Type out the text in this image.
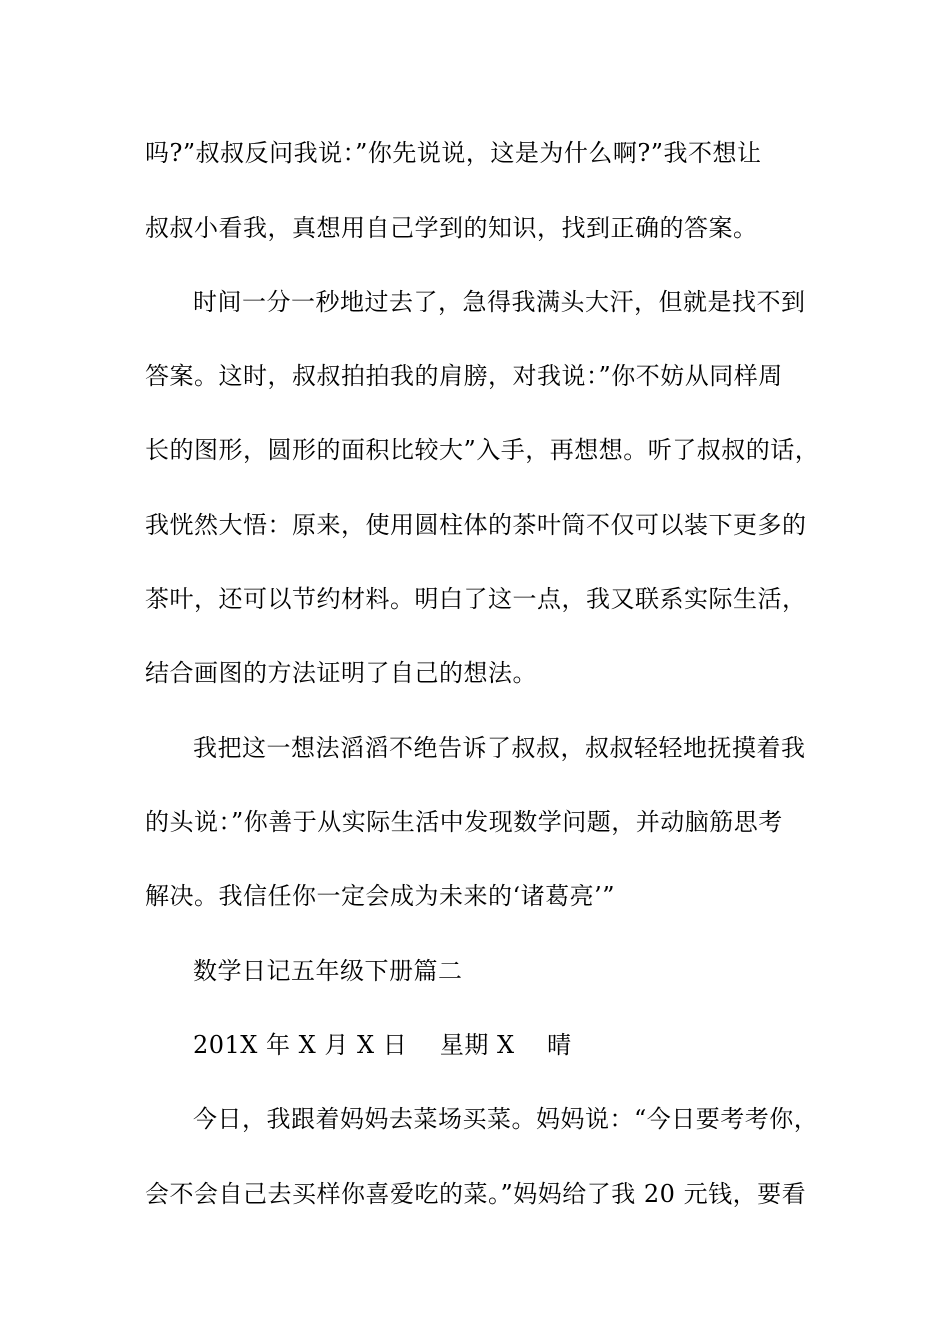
吗?”叔叔反问我说：”你先说说，这是为什么啊?”我不想让
叔叔小看我，真想用自己学到的知识，找到正确的答案。
时间一分一秒地过去了，急得我满头大汗，但就是找不到
答案。这时，叔叔拍拍我的肩膀，对我说：”你不妨从同样周
长的图形，圆形的面积比较大”入手，再想想。听了叔叔的话，
我恍然大悟：原来，使用圆柱体的茶叶筒不仅可以装下更多的
茶叶，还可以节约材料。明白了这一点，我又联系实际生活，
结合画图的方法证明了自己的想法。
我把这一想法滔滔不绝告诉了叔叔，叔叔轻轻地抚摸着我
的头说：”你善于从实际生活中发现数学问题，并动脑筋思考
解决。我信任你一定会成为未来的‘诸葛亮’”
数学日记五年级下册篇二
201X 年 X 月 X 日　 星期 X　 晴
今日，我跟着妈妈去菜场买菜。妈妈说：“今日要考考你，
会不会自己去买样你喜爱吃的菜。”妈妈给了我 20 元钱，要看
